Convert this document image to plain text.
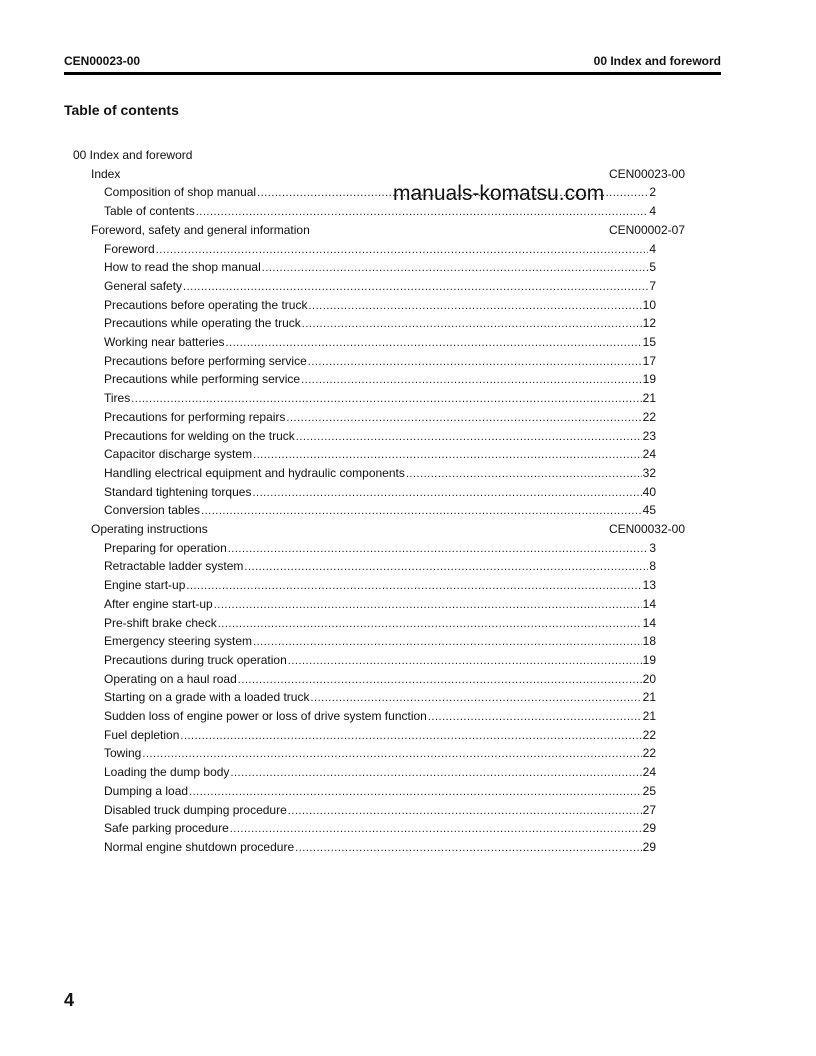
CEN00023-00	00 Index and foreword
Table of contents
00 Index and foreword
Index	CEN00023-00
Composition of shop manual .....	2
Table of contents .....	4
Foreword, safety and general information	CEN00002-07
Foreword .....	4
How to read the shop manual .....	5
General safety .....	7
Precautions before operating the truck .....	10
Precautions while operating the truck .....	12
Working near batteries .....	15
Precautions before performing service .....	17
Precautions while performing service .....	19
Tires .....	21
Precautions for performing repairs .....	22
Precautions for welding on the truck .....	23
Capacitor discharge system .....	24
Handling electrical equipment and hydraulic components .....	32
Standard tightening torques .....	40
Conversion tables .....	45
Operating instructions	CEN00032-00
Preparing for operation .....	3
Retractable ladder system .....	8
Engine start-up .....	13
After engine start-up .....	14
Pre-shift brake check .....	14
Emergency steering system .....	18
Precautions during truck operation .....	19
Operating on a haul road .....	20
Starting on a grade with a loaded truck .....	21
Sudden loss of engine power or loss of drive system function .....	21
Fuel depletion .....	22
Towing .....	22
Loading the dump body .....	24
Dumping a load .....	25
Disabled truck dumping procedure .....	27
Safe parking procedure .....	29
Normal engine shutdown procedure .....	29
manuals-komatsu.com
4
